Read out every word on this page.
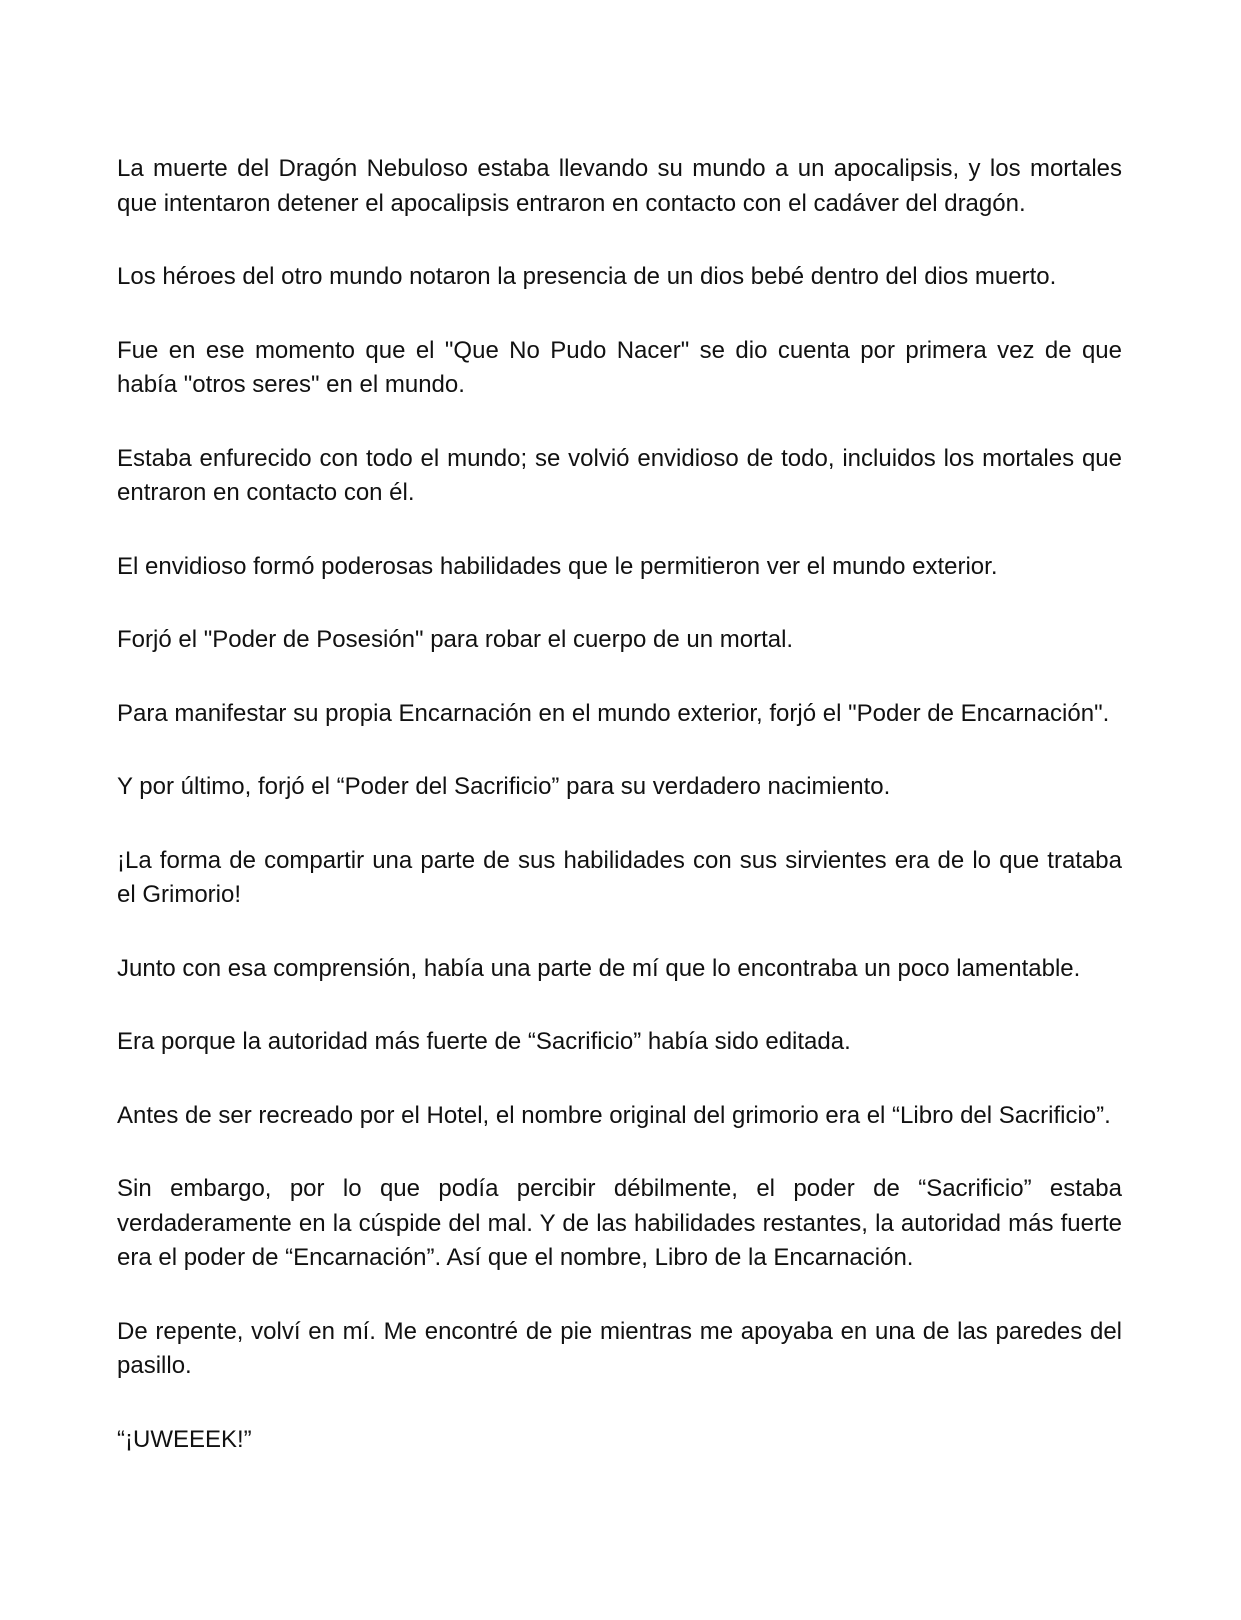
La muerte del Dragón Nebuloso estaba llevando su mundo a un apocalipsis, y los mortales que intentaron detener el apocalipsis entraron en contacto con el cadáver del dragón.

Los héroes del otro mundo notaron la presencia de un dios bebé dentro del dios muerto.

Fue en ese momento que el "Que No Pudo Nacer" se dio cuenta por primera vez de que había "otros seres" en el mundo.

Estaba enfurecido con todo el mundo; se volvió envidioso de todo, incluidos los mortales que entraron en contacto con él.

El envidioso formó poderosas habilidades que le permitieron ver el mundo exterior.

Forjó el "Poder de Posesión" para robar el cuerpo de un mortal.

Para manifestar su propia Encarnación en el mundo exterior, forjó el "Poder de Encarnación".

Y por último, forjó el “Poder del Sacrificio” para su verdadero nacimiento.

¡La forma de compartir una parte de sus habilidades con sus sirvientes era de lo que trataba el Grimorio!

Junto con esa comprensión, había una parte de mí que lo encontraba un poco lamentable.

Era porque la autoridad más fuerte de “Sacrificio” había sido editada.

Antes de ser recreado por el Hotel, el nombre original del grimorio era el “Libro del Sacrificio”.

Sin embargo, por lo que podía percibir débilmente, el poder de “Sacrificio” estaba verdaderamente en la cúspide del mal. Y de las habilidades restantes, la autoridad más fuerte era el poder de “Encarnación”. Así que el nombre, Libro de la Encarnación.

De repente, volví en mí. Me encontré de pie mientras me apoyaba en una de las paredes del pasillo.

“¡UWEEEK!”
